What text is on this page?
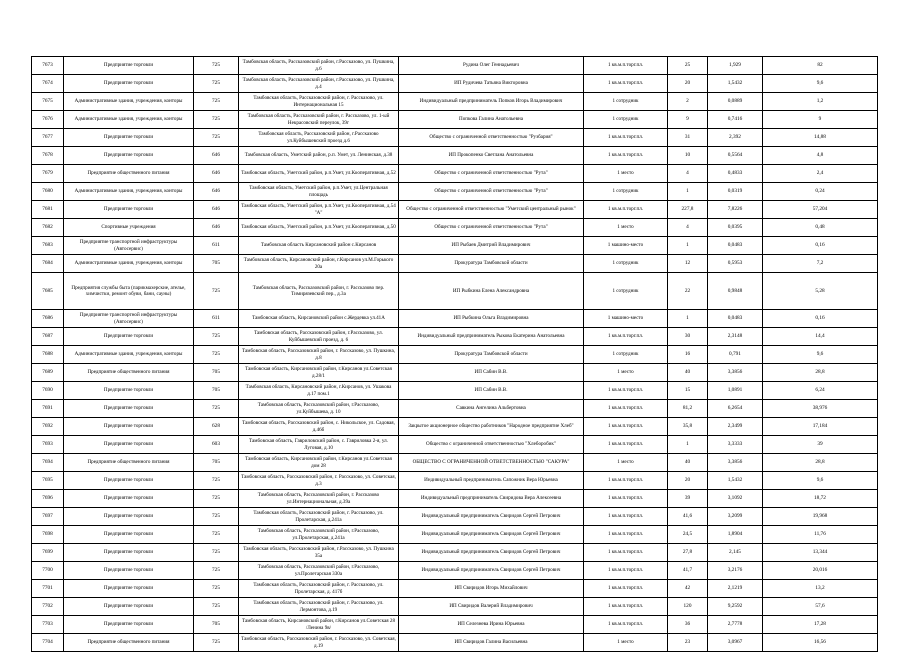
7673	Предприятие торговли	725	Тамбовская область, Рассказовский район, г.Рассказово, ул. Пушкина, д.6	Рудина Олег Геннадьевич	1 кв.м.п.торг.пл.	25	1,929	82
7674	Предприятие торговли	725	Тамбовская область, Рассказовский район, г.Рассказово, ул. Пушкина, д.4	ИП Рудичева Татьяна Викторовна	1 кв.м.п.торг.пл.	20	1,5432	9,6
7675	Административные здания, учреждения, конторы	725	Тамбовская область, Рассказовский район, г. Рассказово, ул. Интернациональная 15	Индивидуальный предприниматель Попков Игорь Владимирович	1 сотрудник	2	0,0889	1,2
7676	Административные здания, учреждения, конторы	725	Тамбовская область, Рассказовский район, г. Рассказово, ул. 1-ый Некрасовский переулок, 39г	Попкова Галина Анатольевна	1 сотрудник	9	0,7416	9
7677	Предприятие торговли	725	Тамбовская область, Рассказовский район, г.Рассказово ул.Куйбышевский проезд д.6	Общество с ограниченной ответственностью "Рузбария"	1 кв.м.п.торг.пл.	31	2,392	14,88
7678	Предприятие торговли	646	Тамбовская область, Уметский район, р.п. Умет, ул. Ленинская, д.38	ИП Прокопенко Светлана Анатольевна	1 кв.м.п.торг.пл.	10	0,5564	4,8
7679	Предприятие общественного питания	646	Тамбовская область, Уметский район, р.п.Умет, ул.Кооперативная, д.52	Общество с ограниченной ответственностью "Рута"	1 место	4	0,4833	2,4
7680	Административные здания, учреждения, конторы	646	Тамбовская область, Уметский район, р.п.Умет, ул.Центральная площадь	Общество с ограниченной ответственностью "Рута"	1 сотрудник	1	0,0319	0,24
7681	Предприятие торговли	646	Тамбовская область, Уметский район, р.п.Умет, ул.Кооперативная, д.54 "А"	Общество с ограниченной ответственностью "Уметский центральный рынок"	1 кв.м.п.торг.пл.	227,8	7,8226	57,204
7682	Спортивные учреждения	646	Тамбовская область, Уметский район, р.п.Умет, ул.Кооперативная, д.50	Общество с ограниченной ответственностью "Рута"	1 место	4	0,0395	0,48
7683	Предприятие транспортной инфраструктуры (Автосервис)	611	Тамбовская область Кирсановский район с.Кирсанов	ИП Рыбаев Дмитрий Владимирович	1 машино-место	1	0,0483	0,16
7684	Административные здания, учреждения, конторы	705	Тамбовская область, Кирсановский район, г.Кирсанов ул.М.Горького 20а	Прокуратура Тамбовской области	1 сотрудник	12	0,5953	7,2
7685	Предприятия службы быта (парикмахерские, ателье, химчистки, ремонт обуви, бани, сауны)	725	Тамбовская область, Рассказовский район, г. Рассказово пер. Тимирязевский пер., д.3а	ИП Рыбкина Елена Александровна	1 сотрудник	22	0,9848	5,28
7686	Предприятие транспортной инфраструктуры (Автосервис)	611	Тамбовская область, Кирсановский район с.Жердевка ул.41А	ИП Рыбкина Ольга Владимировна	1 машино-место	1	0,0483	0,16
7687	Предприятие торговли	725	Тамбовская область, Рассказовский район, г.Рассказово, ул. Куйбышевский проезд, д. 6	Индивидуальный предприниматель Рыкова Екатерина Анатольевна	1 кв.м.п.торг.пл.	30	2,3148	14,4
7688	Административные здания, учреждения, конторы	725	Тамбовская область, Рассказовский район, г. Рассказово, ул. Пушкина, д.8	Прокуратура Тамбовской области	1 сотрудник	16	0,791	9,6
7689	Предприятие общественного питания	705	Тамбовская область, Кирсановский район, г.Кирсанов ул.Советская д.28/1	ИП Сабин В.В.	1 место	40	3,3856	28,8
7690	Предприятие торговли	705	Тамбовская область, Кирсановский район, г.Кирсанов, ул. Ушакова д.17 пом.1	ИП Сабин В.В.	1 кв.м.п.торг.пл.	15	1,0891	6,24
7691	Предприятие торговли	725	Тамбовская область, Рассказовский район, г.Рассказово, ул.Куйбышева, д. 10	Савкина Ангелина Альбертовна	1 кв.м.п.торг.пл.	81,2	6,2654	38,976
7692	Предприятие торговли	628	Тамбовская область, Рассказовский район, с. Никольское, ул. Садовая, д.46б	Закрытое акционерное общество работников "Народное предприятие Хлеб"	1 кв.м.п.торг.пл.	35,8	2,3499	17,184
7693	Предприятие торговли	603	Тамбовская область, Гавриловский район, с. Гавриловка 2-я, ул. Луговая, д.10	Общество с ограниченной ответственностью "Хлеборобик"	1 кв.м.п.торг.пл.	1	3,3333	39
7694	Предприятие общественного питания	705	Тамбовская область, Кирсановский район, г.Кирсанов ул.Советская дом 28	ОБЩЕСТВО С ОГРАНИЧЕННОЙ ОТВЕТСТВЕННОСТЬЮ "САКУРА"	1 место	40	3,3856	28,8
7695	Предприятие торговли	725	Тамбовская область, Рассказовский район, г. Рассказово, ул. Советская, д.3	Индивидуальный предприниматель Сапожник Вера Юрьевна	1 кв.м.п.торг.пл.	20	1,5432	9,6
7696	Предприятие торговли	725	Тамбовская область, Рассказовский район, г. Рассказово ул.Интернациональная, д.39а	Индивидуальный предприниматель Свиридова Вера Алексеевна	1 кв.м.п.торг.пл.	39	3,1092	18,72
7697	Предприятие торговли	725	Тамбовская область, Рассказовский район, г. Рассказово, ул. Пролетарская, д.241а	Индивидуальный предприниматель Свиридов Сергей Петрович	1 кв.м.п.торг.пл.	41,6	3,2099	19,968
7698	Предприятие торговли	725	Тамбовская область, Рассказовский район, г.Рассказово, ул.Пролетарская, д.241а	Индивидуальный предприниматель Свиридов Сергей Петрович	1 кв.м.п.торг.пл.	24,5	1,8904	11,76
7699	Предприятие торговли	725	Тамбовская область, Рассказовский район, г.Рассказово, ул. Пушкина 35а	Индивидуальный предприниматель Свиридов Сергей Петрович	1 кв.м.п.торг.пл.	27,8	2,145	13,344
7700	Предприятие торговли	725	Тамбовская область, Рассказовский район, г.Рассказово, ул.Пролетарская 330а	Индивидуальный предприниматель Свиридов Сергей Петрович	1 кв.м.п.торг.пл.	41,7	3,2176	20,016
7701	Предприятие торговли	725	Тамбовская область, Рассказовский район, г. Рассказово, ул. Пролетарская, д. 417б	ИП Свиридов Игорь Михайлович	1 кв.м.п.торг.пл.	42	2,1219	13,2
7702	Предприятие торговли	725	Тамбовская область, Рассказовский район, г. Рассказово, ул. Лермонтова, д.19	ИП Свиридов Валерий Владимирович	1 кв.м.п.торг.пл.	120	9,2592	57,6
7703	Предприятие торговли	705	Тамбовская область, Кирсановский район, г.Кирсанов ул.Советская 28 /Ленина 9в/	ИП Селезнева Ирина Юрьевна	1 кв.м.п.торг.пл.	36	2,7778	17,28
7704	Предприятие общественного питания	725	Тамбовская область, Рассказовский район, г. Рассказово, ул. Советская, д.19	ИП Свиридов Галина Васильевна	1 место	23	3,0967	16,56
